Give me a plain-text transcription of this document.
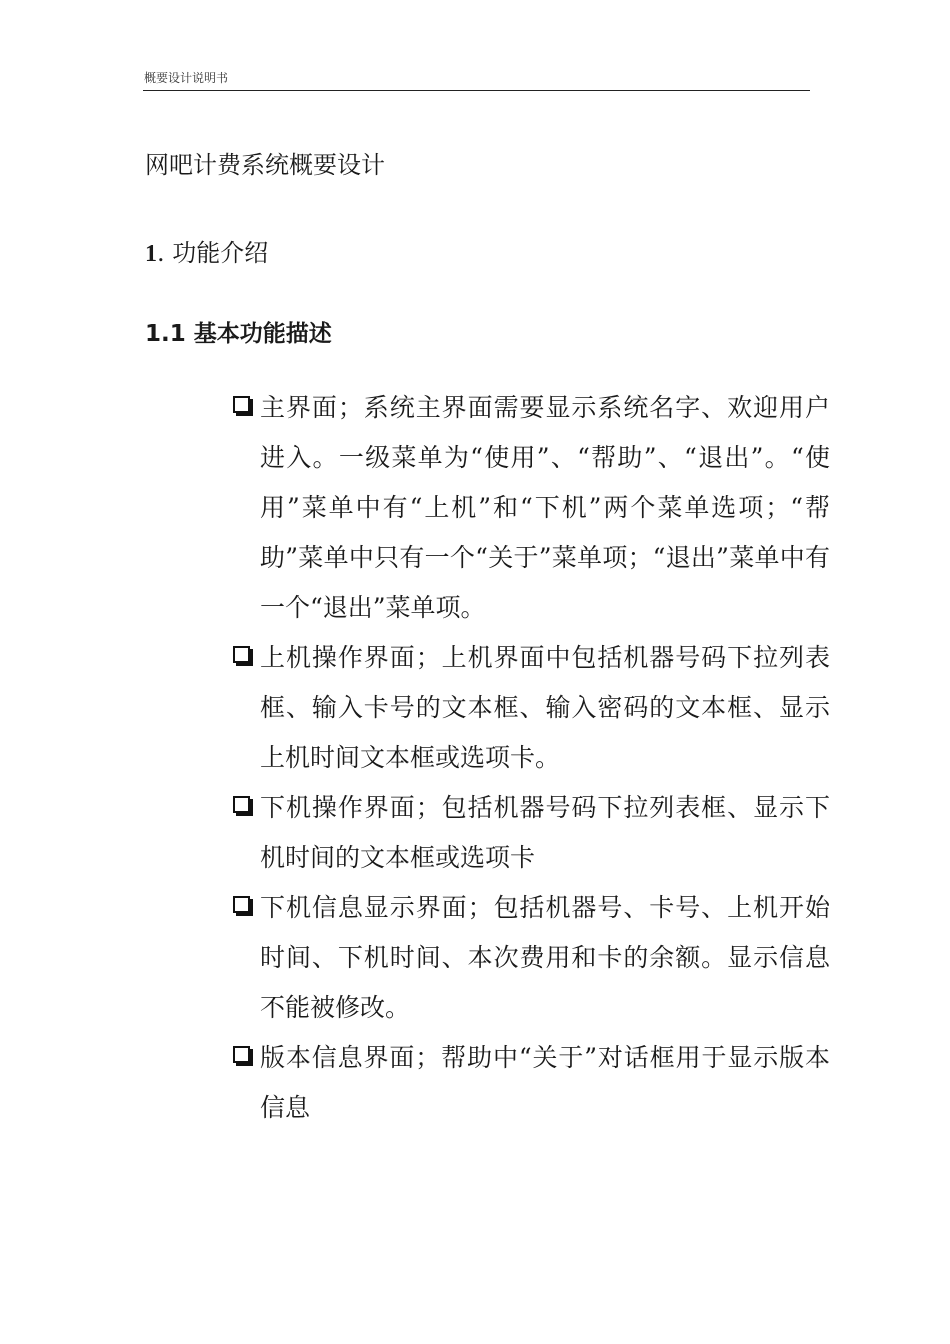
概要设计说明书
网吧计费系统概要设计
1. 功能介绍
1.1 基本功能描述
主界面；系统主界面需要显示系统名字、欢迎用户进入。一级菜单为“使用”、“帮助”、“退出”。“使用”菜单中有“上机”和“下机”两个菜单选项；“帮助”菜单中只有一个“关于”菜单项；“退出”菜单中有一个“退出”菜单项。
上机操作界面；上机界面中包括机器号码下拉列表框、输入卡号的文本框、输入密码的文本框、显示上机时间文本框或选项卡。
下机操作界面；包括机器号码下拉列表框、显示下机时间的文本框或选项卡
下机信息显示界面；包括机器号、卡号、上机开始时间、下机时间、本次费用和卡的余额。显示信息不能被修改。
版本信息界面；帮助中“关于”对话框用于显示版本信息
